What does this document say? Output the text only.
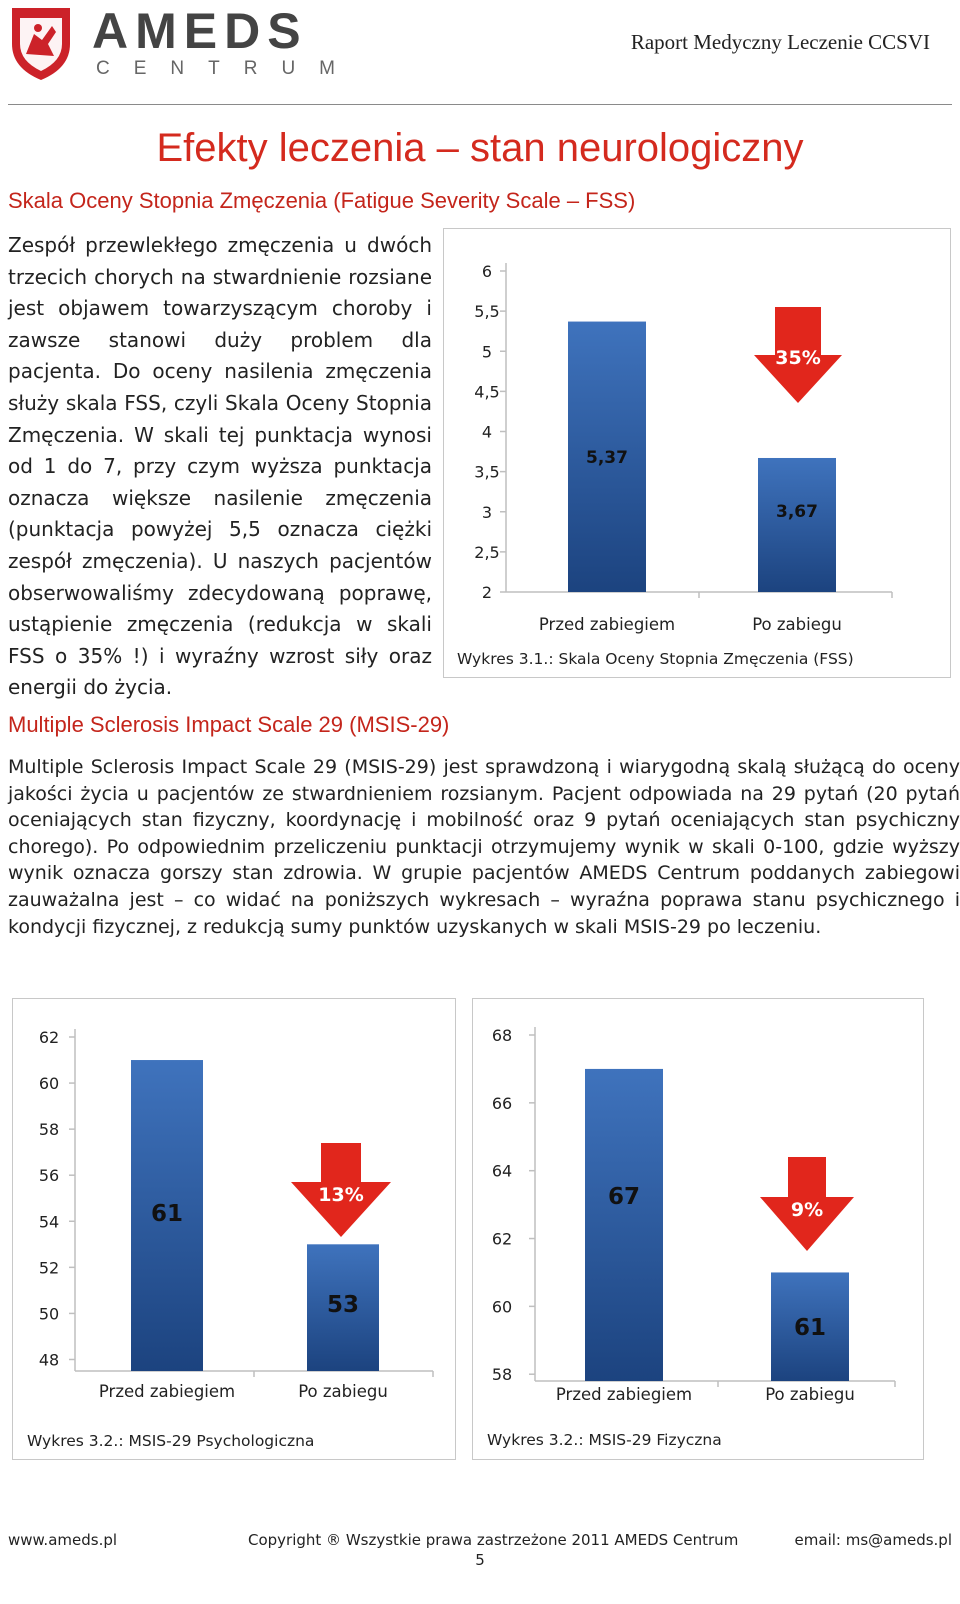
AMEDS
CENTRUM
Raport Medyczny Leczenie CCSVI
Efekty leczenia – stan neurologiczny
Skala Oceny Stopnia Zmęczenia (Fatigue Severity Scale – FSS)
Zespół przewlekłego zmęczenia u dwóch trzecich chorych na stwardnienie rozsiane jest objawem towarzyszącym choroby i zawsze stanowi duży problem dla pacjenta. Do oceny nasilenia zmęczenia służy skala FSS, czyli Skala Oceny Stopnia Zmęczenia. W skali tej punktacja wynosi od 1 do 7, przy czym wyższa punktacja oznacza większe nasilenie zmęczenia (punktacja powyżej 5,5 oznacza ciężki zespół zmęczenia). U naszych pacjentów obserwowaliśmy zdecydowaną poprawę, ustąpienie zmęczenia (redukcja w skali FSS o 35% !) i wyraźny wzrost siły oraz energii do życia.
2
2,5
3
3,5
4
4,5
5
5,5
6
5,37
Przed zabiegiem
3,67
Po zabiegu
35%
Wykres 3.1.: Skala Oceny Stopnia Zmęczenia (FSS)
Multiple Sclerosis Impact Scale 29 (MSIS-29)
Multiple Sclerosis Impact Scale 29 (MSIS-29) jest sprawdzoną i wiarygodną skalą służącą do oceny jakości życia u pacjentów ze stwardnieniem rozsianym. Pacjent odpowiada na 29 pytań (20 pytań oceniających stan fizyczny, koordynację i mobilność oraz 9 pytań oceniających stan psychiczny chorego). Po odpowiednim przeliczeniu punktacji otrzymujemy wynik w skali 0-100, gdzie wyższy wynik oznacza gorszy stan zdrowia. W grupie pacjentów AMEDS Centrum poddanych zabiegowi zauważalna jest – co widać na poniższych wykresach – wyraźna poprawa stanu psychicznego i kondycji fizycznej, z redukcją sumy punktów uzyskanych w skali MSIS-29 po leczeniu.
48
50
52
54
56
58
60
62
61
Przed zabiegiem
53
Po zabiegu
13%
Wykres 3.2.: MSIS-29 Psychologiczna
58
60
62
64
66
68
67
Przed zabiegiem
61
Po zabiegu
9%
Wykres 3.2.: MSIS-29 Fizyczna
www.ameds.pl	Copyright ® Wszystkie prawa zastrzeżone 2011 AMEDS Centrum	email: ms@ameds.pl
5
